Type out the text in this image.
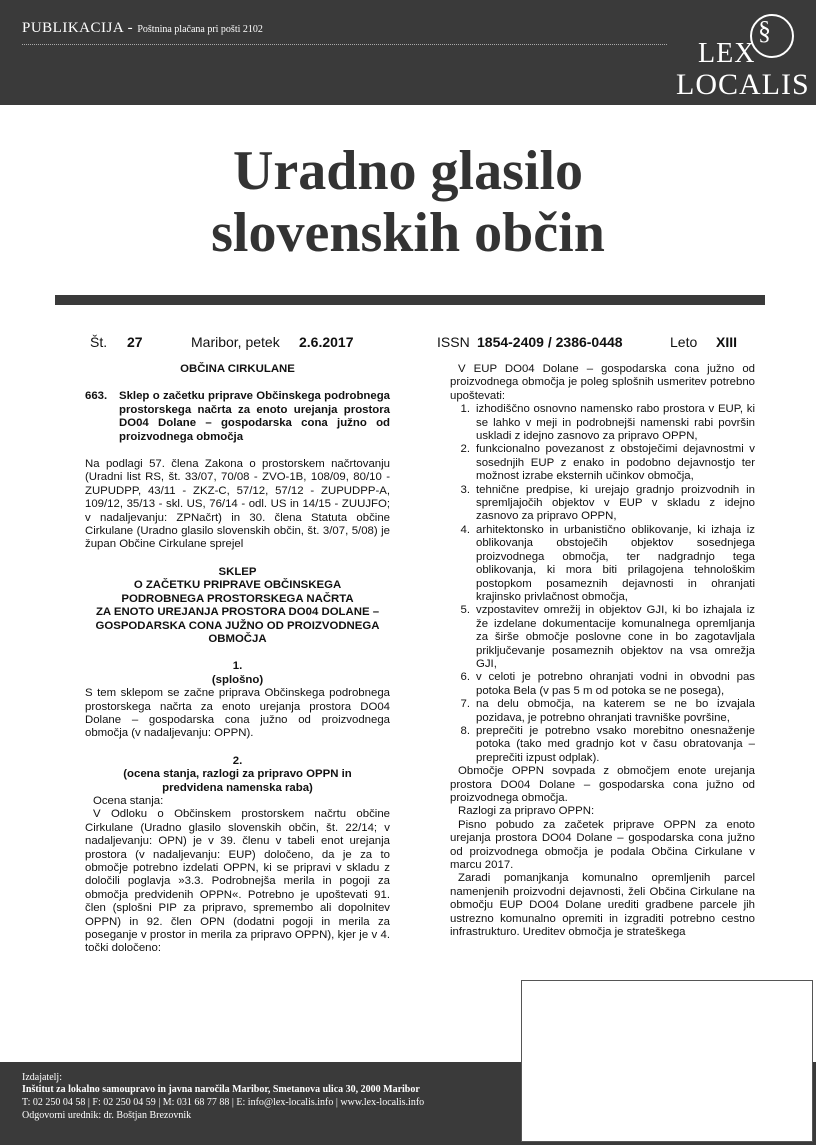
PUBLIKACIJA - Poštnina plačana pri pošti 2102	§
LEX
LOCALIS
Uradno glasilo
slovenskih občin
Št. 27	Maribor, petek 2.6.2017	ISSN 1854-2409 / 2386-0448	Leto XIII

OBČINA CIRKULANE

663.	Sklep o začetku priprave Občinskega podrobnega prostorskega načrta za enoto urejanja prostora DO04 Dolane – gospodarska cona južno od proizvodnega območja

Na podlagi 57. člena Zakona o prostorskem načrtovanju (Uradni list RS, št. 33/07, 70/08 - ZVO-1B, 108/09, 80/10 - ZUPUDPP, 43/11 - ZKZ-C, 57/12, 57/12 - ZUPUDPP-A, 109/12, 35/13 - skl. US, 76/14 - odl. US in 14/15 - ZUUJFO; v nadaljevanju: ZPNačrt) in 30. člena Statuta občine Cirkulane (Uradno glasilo slovenskih občin, št. 3/07, 5/08) je župan Občine Cirkulane sprejel

SKLEP

O ZAČETKU PRIPRAVE OBČINSKEGA

PODROBNEGA PROSTORSKEGA NAČRTA

ZA ENOTO UREJANJA PROSTORA DO04 DOLANE –

GOSPODARSKA CONA JUŽNO OD PROIZVODNEGA

OBMOČJA

1.

(splošno)

S tem sklepom se začne priprava Občinskega podrobnega prostorskega načrta za enoto urejanja prostora DO04 Dolane – gospodarska cona južno od proizvodnega območja (v nadaljevanju: OPPN).

2.

(ocena stanja, razlogi za pripravo OPPN in

predvidena namenska raba)

Ocena stanja:

V Odloku o Občinskem prostorskem načrtu občine Cirkulane (Uradno glasilo slovenskih občin, št. 22/14; v nadaljevanju: OPN) je v 39. členu v tabeli enot urejanja prostora (v nadaljevanju: EUP) določeno, da je za to območje potrebno izdelati OPPN, ki se pripravi v skladu z določili poglavja »3.3. Podrobnejša merila in pogoji za območja predvidenih OPPN«. Potrebno je upoštevati 91. člen (splošni PIP za pripravo, spremembo ali dopolnitev OPPN) in 92. člen OPN (dodatni pogoji in merila za poseganje v prostor in merila za pripravo OPPN), kjer je v 4. točki določeno:

V EUP DO04 Dolane – gospodarska cona južno od proizvodnega območja je poleg splošnih usmeritev potrebno upoštevati:

1. izhodiščno osnovno namensko rabo prostora v EUP, ki se lahko v meji in podrobnejši namenski rabi površin uskladi z idejno zasnovo za pripravo OPPN,
2. funkcionalno povezanost z obstoječimi dejavnostmi v sosednjih EUP z enako in podobno dejavnostjo ter možnost izrabe eksternih učinkov območja,
3. tehnične predpise, ki urejajo gradnjo proizvodnih in spremljajočih objektov v EUP v skladu z idejno zasnovo za pripravo OPPN,
4. arhitektonsko in urbanistično oblikovanje, ki izhaja iz oblikovanja obstoječih objektov sosednjega proizvodnega območja, ter nadgradnjo tega oblikovanja, ki mora biti prilagojena tehnološkim postopkom posameznih dejavnosti in ohranjati krajinsko privlačnost območja,
5. vzpostavitev omrežij in objektov GJI, ki bo izhajala iz že izdelane dokumentacije komunalnega opremljanja za širše območje poslovne cone in bo zagotavljala priključevanje posameznih objektov na vsa omrežja GJI,
6. v celoti je potrebno ohranjati vodni in obvodni pas potoka Bela (v pas 5 m od potoka se ne posega),
7. na delu območja, na katerem se ne bo izvajala pozidava, je potrebno ohranjati travniške površine,
8. preprečiti je potrebno vsako morebitno onesnaženje potoka (tako med gradnjo kot v času obratovanja – preprečiti izpust odplak).

Območje OPPN sovpada z območjem enote urejanja prostora DO04 Dolane – gospodarska cona južno od proizvodnega območja.

Razlogi za pripravo OPPN:

Pisno pobudo za začetek priprave OPPN za enoto urejanja prostora DO04 Dolane – gospodarska cona južno od proizvodnega območja je podala Občina Cirkulane v marcu 2017.

Zaradi pomanjkanja komunalno opremljenih parcel namenjenih proizvodni dejavnosti, želi Občina Cirkulane na območju EUP DO04 Dolane urediti gradbene parcele jih ustrezno komunalno opremiti in izgraditi potrebno cestno infrastrukturo. Ureditev območja je strateškega

Izdajatelj:
Inštitut za lokalno samoupravo in javna naročila Maribor, Smetanova ulica 30, 2000 Maribor
T: 02 250 04 58 | F: 02 250 04 59 | M: 031 68 77 88 | E: info@lex-localis.info | www.lex-localis.info
Odgovorni urednik: dr. Boštjan Brezovnik
